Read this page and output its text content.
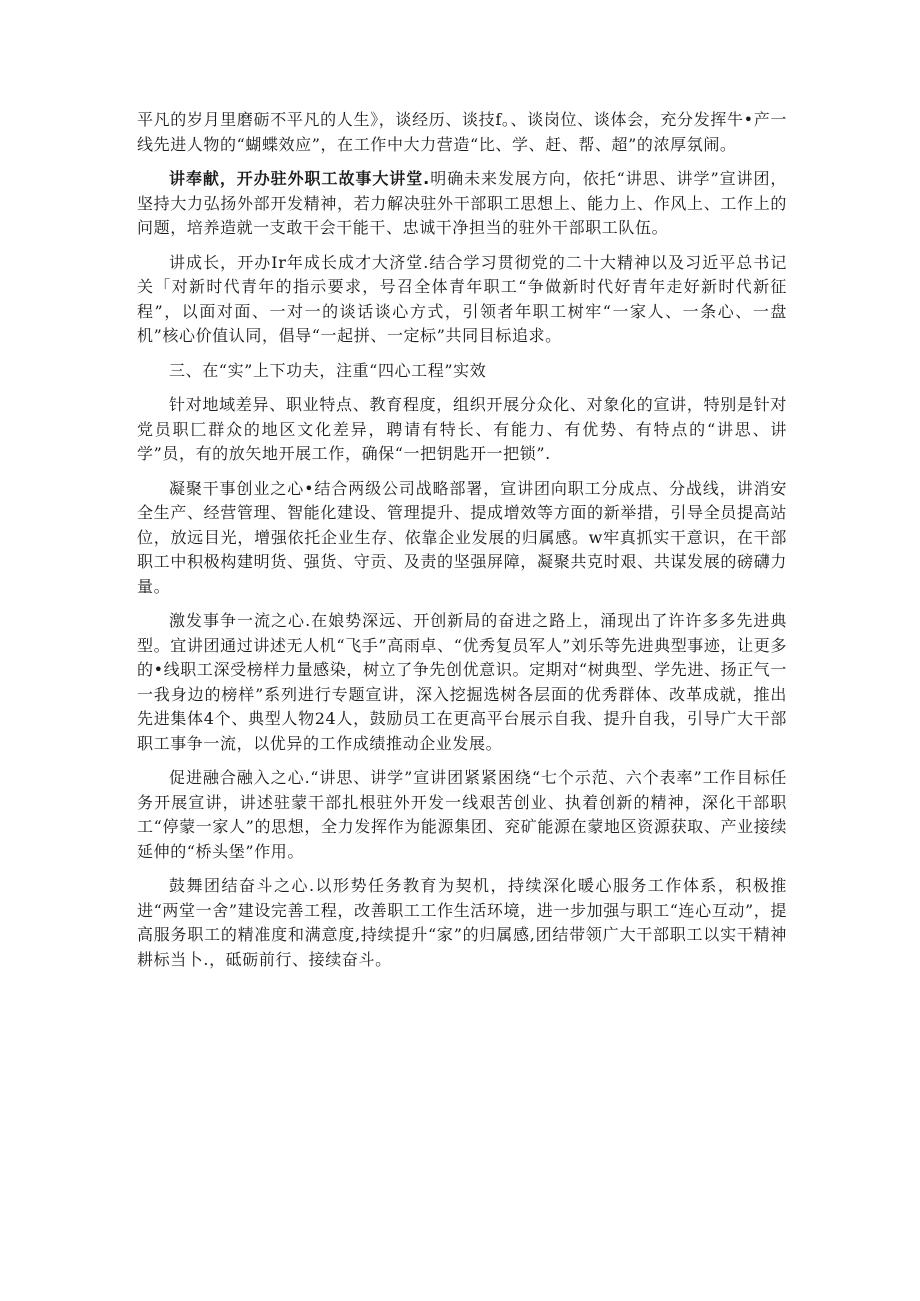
平凡的岁月里磨砺不平凡的人生》，谈经历、谈技f。、谈岗位、谈体会，充分发挥牛•产一线先进人物的“蝴蝶效应”，在工作中大力营造“比、学、赶、帮、超”的浓厚氛闹。

讲奉献，开办驻外职工故事大讲堂.明确未来发展方向，依托“讲思、讲学”宣讲团，坚持大力弘扬外部开发精神，若力解决驻外干部职工思想上、能力上、作风上、工作上的问题，培养造就一支敢干会干能干、忠诚干净担当的驻外干部职工队伍。

讲成长，开办Ir年成长成才大济堂.结合学习贯彻党的二十大精神以及习近平总书记关「对新时代青年的指示要求，号召全体青年职工“争做新时代好青年走好新时代新征程”，以面对面、一对一的谈话谈心方式，引领者年职工树牢“一家人、一条心、一盘机”核心价值认同，倡导“一起拼、一定标”共同目标追求。

三、在“实”上下功夫，注重“四心工程”实效

针对地域差异、职业特点、教育程度，组织开展分众化、对象化的宣讲，特别是针对党员职匚群众的地区文化差异，聘请有特长、有能力、有优势、有特点的“讲思、讲学”员，有的放矢地开展工作，确保“一把钥匙开一把锁”.

凝聚干事创业之心•结合两级公司战略部署，宣讲团向职工分成点、分战线，讲消安全生产、经营管理、智能化建设、管理提升、提成增效等方面的新举措，引导全员提高站位，放远目光，增强依托企业生存、依靠企业发展的归属感。w牢真抓实干意识，在干部职工中积极构建明货、强货、守贡、及责的坚强屏障，凝聚共克时艰、共谋发展的磅礴力量。

激发事争一流之心.在娘势深远、开创新局的奋进之路上，涌现出了许许多多先进典型。宜讲团通过讲述无人机“飞手”高雨卓、“优秀复员军人”刘乐等先进典型事迹，让更多的•线职工深受榜样力量感染，树立了争先创优意识。定期对“树典型、学先进、扬正气一一我身边的榜样”系列进行专题宣讲，深入挖掘选树各层面的优秀群体、改革成就，推出先进集体4个、典型人物24人，鼓励员工在更高平台展示自我、提升自我，引导广大干部职工事争一流，以优异的工作成绩推动企业发展。

促进融合融入之心.“讲思、讲学”宣讲团紧紧困绕“七个示范、六个表率”工作目标任务开展宣讲，讲述驻蒙干部扎根驻外开发一线艰苦创业、执着创新的精神，深化干部职工“停蒙一家人”的思想，全力发挥作为能源集团、兖矿能源在蒙地区资源获取、产业接续延伸的“桥头堡”作用。

鼓舞团结奋斗之心.以形势任务教育为契机，持续深化暖心服务工作体系，积极推进“两堂一舍”建设完善工程，改善职工工作生活环境，进一步加强与职工“连心互动”，提高服务职工的精准度和满意度,持续提升“家”的归属感,团结带领广大干部职工以实干精神耕标当卜.，砥砺前行、接续奋斗。
